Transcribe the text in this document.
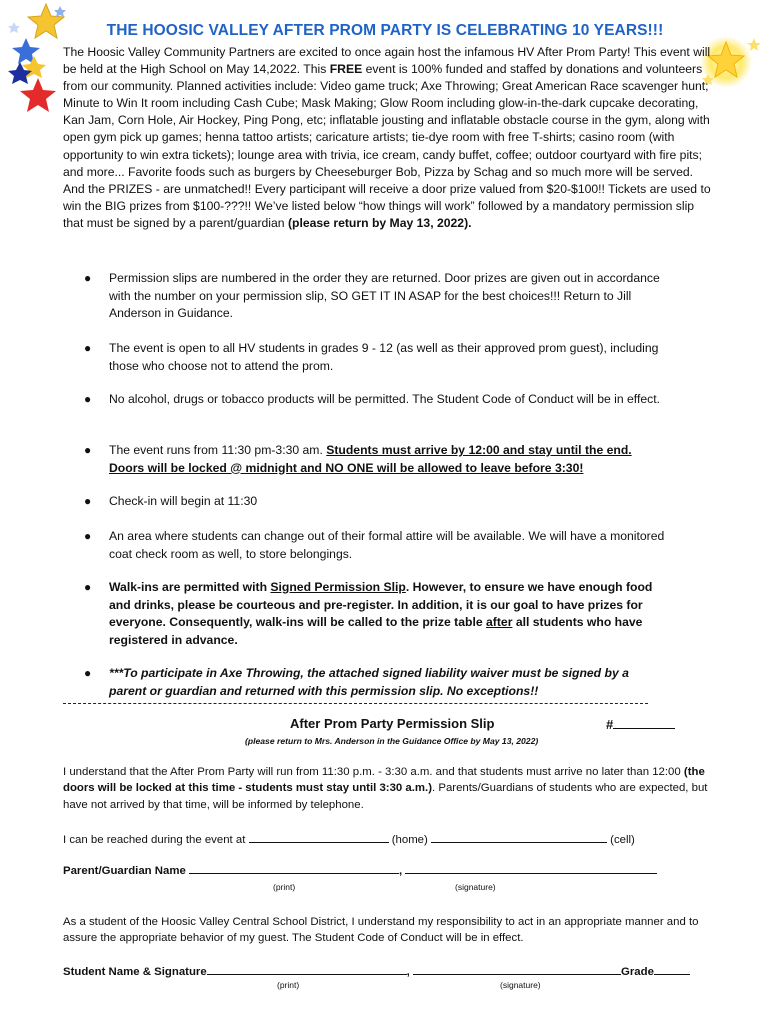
THE HOOSIC VALLEY AFTER PROM PARTY IS CELEBRATING 10 YEARS!!!
The Hoosic Valley Community Partners are excited to once again host the infamous HV After Prom Party! This event will be held at the High School on May 14,2022. This FREE event is 100% funded and staffed by donations and volunteers from our community. Planned activities include: Video game truck; Axe Throwing; Great American Race scavenger hunt; Minute to Win It room including Cash Cube; Mask Making; Glow Room including glow-in-the-dark cupcake decorating, Kan Jam, Corn Hole, Air Hockey, Ping Pong, etc; inflatable jousting and inflatable obstacle course in the gym, along with open gym pick up games; henna tattoo artists; caricature artists; tie-dye room with free T-shirts; casino room (with opportunity to win extra tickets); lounge area with trivia, ice cream, candy buffet, coffee; outdoor courtyard with fire pits; and more... Favorite foods such as burgers by Cheeseburger Bob, Pizza by Schag and so much more will be served. And the PRIZES - are unmatched!! Every participant will receive a door prize valued from $20-$100!! Tickets are used to win the BIG prizes from $100-???!! We’ve listed below “how things will work” followed by a mandatory permission slip that must be signed by a parent/guardian (please return by May 13, 2022).
● Permission slips are numbered in the order they are returned. Door prizes are given out in accordance with the number on your permission slip, SO GET IT IN ASAP for the best choices!!! Return to Jill Anderson in Guidance.
● The event is open to all HV students in grades 9 - 12 (as well as their approved prom guest), including those who choose not to attend the prom.
● No alcohol, drugs or tobacco products will be permitted. The Student Code of Conduct will be in effect.
● The event runs from 11:30 pm-3:30 am. Students must arrive by 12:00 and stay until the end. Doors will be locked @ midnight and NO ONE will be allowed to leave before 3:30!
● Check-in will begin at 11:30
● An area where students can change out of their formal attire will be available. We will have a monitored coat check room as well, to store belongings.
● Walk-ins are permitted with Signed Permission Slip. However, to ensure we have enough food and drinks, please be courteous and pre-register. In addition, it is our goal to have prizes for everyone. Consequently, walk-ins will be called to the prize table after all students who have registered in advance.
● ***To participate in Axe Throwing, the attached signed liability waiver must be signed by a parent or guardian and returned with this permission slip. No exceptions!!
After Prom Party Permission Slip	#
(please return to Mrs. Anderson in the Guidance Office by May 13, 2022)
I understand that the After Prom Party will run from 11:30 p.m. - 3:30 a.m. and that students must arrive no later than 12:00 (the doors will be locked at this time - students must stay until 3:30 a.m.). Parents/Guardians of students who are expected, but have not arrived by that time, will be informed by telephone.
I can be reached during the event at	(home)	(cell)
Parent/Guardian Name	,
(print)	(signature)
As a student of the Hoosic Valley Central School District, I understand my responsibility to act in an appropriate manner and to assure the appropriate behavior of my guest. The Student Code of Conduct will be in effect.
Student Name & Signature	,	Grade
(print)	(signature)
